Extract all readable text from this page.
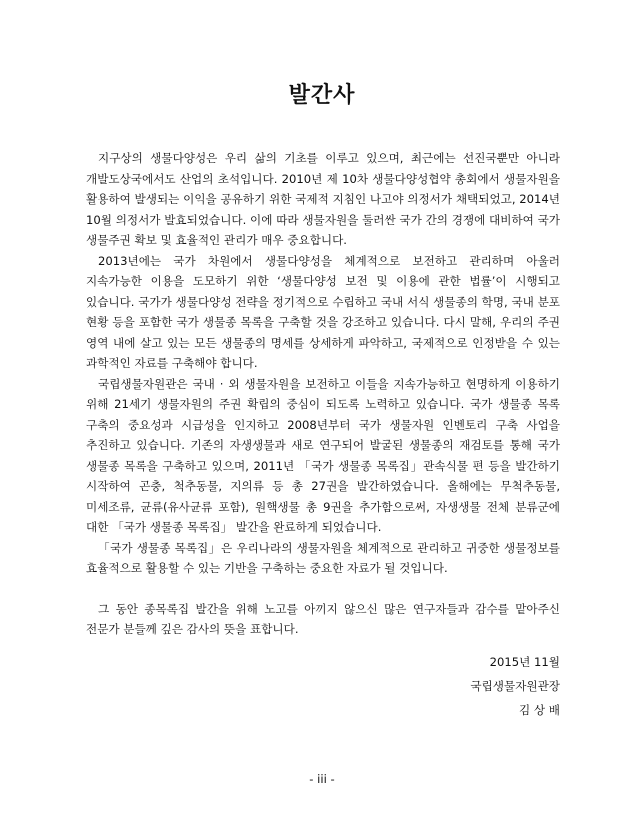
발간사

지구상의 생물다양성은 우리 삶의 기초를 이루고 있으며, 최근에는 선진국뿐만 아니라 개발도상국에서도 산업의 초석입니다. 2010년 제 10차 생물다양성협약 총회에서 생물자원을 활용하여 발생되는 이익을 공유하기 위한 국제적 지침인 나고야 의정서가 채택되었고, 2014년 10월 의정서가 발효되었습니다. 이에 따라 생물자원을 둘러싼 국가 간의 경쟁에 대비하여 국가 생물주권 확보 및 효율적인 관리가 매우 중요합니다.

2013년에는 국가 차원에서 생물다양성을 체계적으로 보전하고 관리하며 아울러 지속가능한 이용을 도모하기 위한 ‘생물다양성 보전 및 이용에 관한 법률’이 시행되고 있습니다. 국가가 생물다양성 전략을 정기적으로 수립하고 국내 서식 생물종의 학명, 국내 분포 현황 등을 포함한 국가 생물종 목록을 구축할 것을 강조하고 있습니다. 다시 말해, 우리의 주권 영역 내에 살고 있는 모든 생물종의 명세를 상세하게 파악하고, 국제적으로 인정받을 수 있는 과학적인 자료를 구축해야 합니다.

국립생물자원관은 국내 · 외 생물자원을 보전하고 이들을 지속가능하고 현명하게 이용하기 위해 21세기 생물자원의 주권 확립의 중심이 되도록 노력하고 있습니다. 국가 생물종 목록 구축의 중요성과 시급성을 인지하고 2008년부터 국가 생물자원 인벤토리 구축 사업을 추진하고 있습니다. 기존의 자생생물과 새로 연구되어 발굴된 생물종의 재검토를 통해 국가 생물종 목록을 구축하고 있으며, 2011년 「국가 생물종 목록집」관속식물 편 등을 발간하기 시작하여 곤충, 척추동물, 지의류 등 총 27권을 발간하였습니다. 올해에는 무척추동물, 미세조류, 균류(유사균류 포함), 원핵생물 총 9권을 추가함으로써, 자생생물 전체 분류군에 대한 「국가 생물종 목록집」 발간을 완료하게 되었습니다.

「국가 생물종 목록집」은 우리나라의 생물자원을 체계적으로 관리하고 귀중한 생물정보를 효율적으로 활용할 수 있는 기반을 구축하는 중요한 자료가 될 것입니다.

그 동안 종목록집 발간을 위해 노고를 아끼지 않으신 많은 연구자들과 감수를 맡아주신 전문가 분들께 깊은 감사의 뜻을 표합니다.

2015년 11월
국립생물자원관장
김 상 배
- iii -
